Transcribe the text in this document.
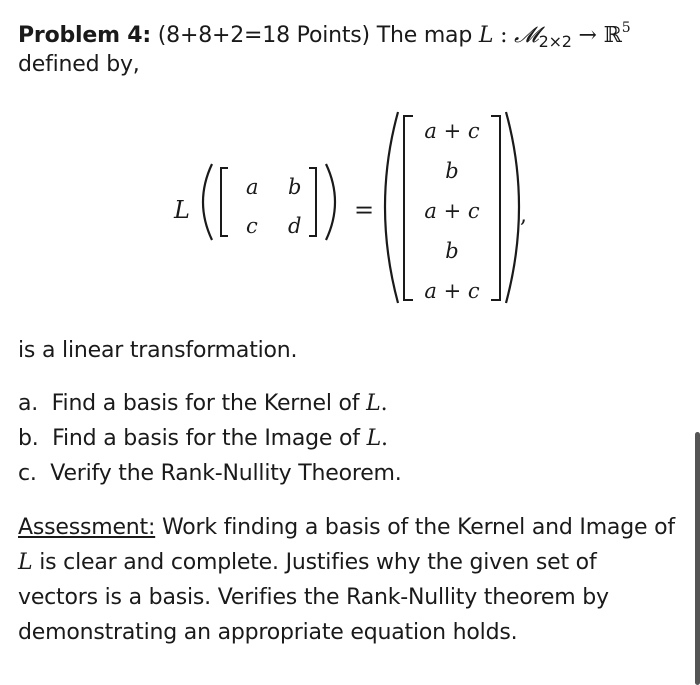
Problem 4: (8+8+2=18 Points) The map L : 𝓜$_{2\times 2}$ → ℝ$^5$
defined by,
L
a b
c d
=
a + c
b
a + c
b
a + c
,
is a linear transformation.
a. Find a basis for the Kernel of L.
b. Find a basis for the Image of L.
c. Verify the Rank-Nullity Theorem.
Assessment: Work finding a basis of the Kernel and Image of
L is clear and complete. Justifies why the given set of
vectors is a basis. Verifies the Rank-Nullity theorem by
demonstrating an appropriate equation holds.
